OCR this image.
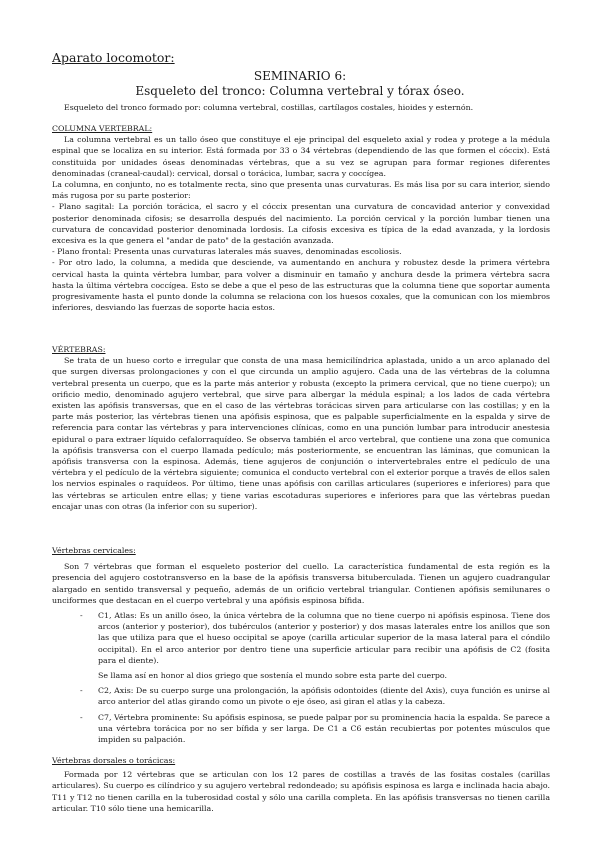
Aparato locomotor:
SEMINARIO 6:
Esqueleto del tronco: Columna vertebral y tórax óseo.

Esqueleto del tronco formado por: columna vertebral, costillas, cartílagos costales, hioides y esternón.

COLUMNA VERTEBRAL:

La columna vertebral es un tallo óseo que constituye el eje principal del esqueleto axial y rodea y protege a la médula espinal que se localiza en su interior. Está formada por 33 o 34 vértebras (dependiendo de las que formen el cóccix). Está constituida por unidades óseas denominadas vértebras, que a su vez se agrupan para formar regiones diferentes denominadas (craneal-caudal): cervical, dorsal o torácica, lumbar, sacra y coccígea.

La columna, en conjunto, no es totalmente recta, sino que presenta unas curvaturas. Es más lisa por su cara interior, siendo más rugosa por su parte posterior:

- Plano sagital: La porción torácica, el sacro y el cóccix presentan una curvatura de concavidad anterior y convexidad posterior denominada cifosis; se desarrolla después del nacimiento. La porción cervical y la porción lumbar tienen una curvatura de concavidad posterior denominada lordosis. La cifosis excesiva es típica de la edad avanzada, y la lordosis excesiva es la que genera el "andar de pato" de la gestación avanzada.

- Plano frontal: Presenta unas curvaturas laterales más suaves, denominadas escoliosis.

- Por otro lado, la columna, a medida que desciende, va aumentando en anchura y robustez desde la primera vértebra cervical hasta la quinta vértebra lumbar, para volver a disminuir en tamaño y anchura desde la primera vértebra sacra hasta la última vértebra coccígea. Esto se debe a que el peso de las estructuras que la columna tiene que soportar aumenta progresivamente hasta el punto donde la columna se relaciona con los huesos coxales, que la comunican con los miembros inferiores, desviando las fuerzas de soporte hacia estos.

VÉRTEBRAS:

Se trata de un hueso corto e irregular que consta de una masa hemicilíndrica aplastada, unido a un arco aplanado del que surgen diversas prolongaciones y con el que circunda un amplio agujero. Cada una de las vértebras de la columna vertebral presenta un cuerpo, que es la parte más anterior y robusta (excepto la primera cervical, que no tiene cuerpo); un orificio medio, denominado agujero vertebral, que sirve para albergar la médula espinal; a los lados de cada vértebra existen las apófisis transversas, que en el caso de las vértebras torácicas sirven para articularse con las costillas; y en la parte más posterior, las vértebras tienen una apófisis espinosa, que es palpable superficialmente en la espalda y sirve de referencia para contar las vértebras y para intervenciones clínicas, como en una punción lumbar para introducir anestesia epidural o para extraer líquido cefalorraquídeo. Se observa también el arco vertebral, que contiene una zona que comunica la apófisis transversa con el cuerpo llamada pedículo; más posteriormente, se encuentran las láminas, que comunican la apófisis transversa con la espinosa. Además, tiene agujeros de conjunción o intervertebrales entre el pedículo de una vértebra y el pedículo de la vértebra siguiente; comunica el conducto vertebral con el exterior porque a través de ellos salen los nervios espinales o raquídeos. Por último, tiene unas apófisis con carillas articulares (superiores e inferiores) para que las vértebras se articulen entre ellas; y tiene varias escotaduras superiores e inferiores para que las vértebras puedan encajar unas con otras (la inferior con su superior).

Vértebras cervicales:

Son 7 vértebras que forman el esqueleto posterior del cuello. La característica fundamental de esta región es la presencia del agujero costotransverso en la base de la apófisis transversa bituberculada. Tienen un agujero cuadrangular alargado en sentido transversal y pequeño, además de un orificio vertebral triangular. Contienen apófisis semilunares o unciformes que destacan en el cuerpo vertebral y una apófisis espinosa bífida.

-	C1, Atlas: Es un anillo óseo, la única vértebra de la columna que no tiene cuerpo ni apófisis espinosa. Tiene dos arcos (anterior y posterior), dos tubérculos (anterior y posterior) y dos masas laterales entre los anillos que son las que utiliza para que el hueso occipital se apoye (carilla articular superior de la masa lateral para el cóndilo occipital). En el arco anterior por dentro tiene una superficie articular para recibir una apófisis de C2 (fosita para el diente).
Se llama así en honor al dios griego que sostenía el mundo sobre esta parte del cuerpo.
-	C2, Axis: De su cuerpo surge una prolongación, la apófisis odontoides (diente del Axis), cuya función es unirse al arco anterior del atlas girando como un pivote o eje óseo, asi giran el atlas y la cabeza.
-	C7, Vértebra prominente: Su apófisis espinosa, se puede palpar por su prominencia hacia la espalda. Se parece a una vértebra torácica por no ser bífida y ser larga. De C1 a C6 están recubiertas por potentes músculos que impiden su palpación.

Vértebras dorsales o torácicas:

Formada por 12 vértebras que se articulan con los 12 pares de costillas a través de las fositas costales (carillas articulares). Su cuerpo es cilíndrico y su agujero vertebral redondeado; su apófisis espinosa es larga e inclinada hacia abajo. T11 y T12 no tienen carilla en la tuberosidad costal y sólo una carilla completa. En las apófisis transversas no tienen carilla articular. T10 sólo tiene una hemicarilla.
